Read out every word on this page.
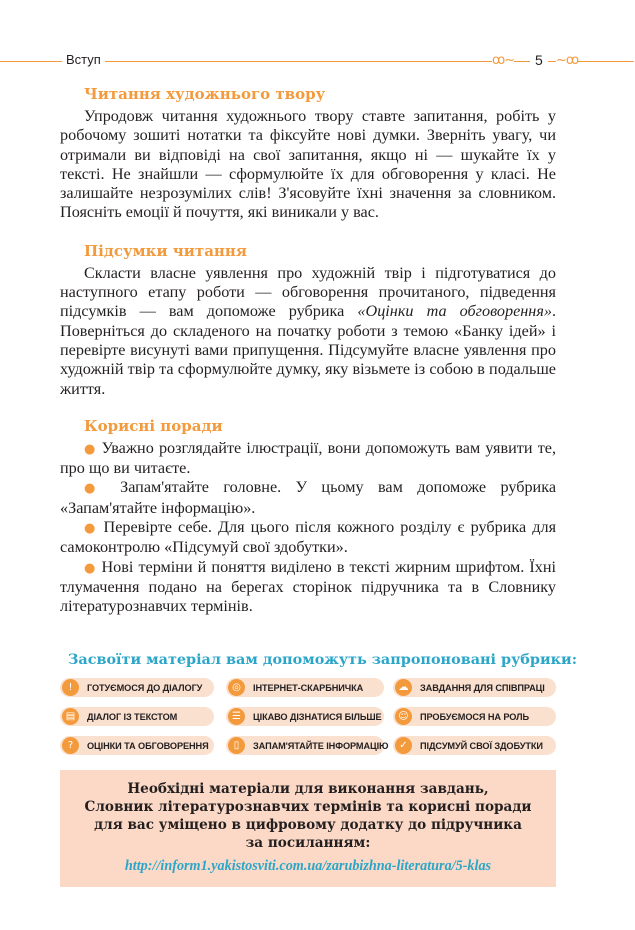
Вступ	ꝏ~	5	~ꝏ
Читання художнього твору

Упродовж читання художнього твору ставте запитання, робіть у робочому зошиті нотатки та фіксуйте нові думки. Зверніть увагу, чи отримали ви відповіді на свої запитання, якщо ні — шукайте їх у тексті. Не знайшли — сформулюйте їх для обговорення у класі. Не залишайте незрозумілих слів! З'ясовуйте їхні значення за словником. Поясніть емоції й почуття, які виникали у вас.

Підсумки читання

Скласти власне уявлення про художній твір і підготуватися до наступного етапу роботи — обговорення прочитаного, підведення підсумків — вам допоможе рубрика «Оцінки та обговорення». Поверніться до складеного на початку роботи з темою «Банку ідей» і перевірте висунуті вами припущення. Підсумуйте власне уявлення про художній твір та сформулюйте думку, яку візьмете із собою в подальше життя.

Корисні поради

● Уважно розглядайте ілюстрації, вони допоможуть вам уявити те, про що ви читаєте.

● Запам'ятайте головне. У цьому вам допоможе рубрика «Запам'ятайте інформацію».

● Перевірте себе. Для цього після кожного розділу є рубрика для самоконтролю «Підсумуй свої здобутки».

● Нові терміни й поняття виділено в тексті жирним шрифтом. Їхні тлумачення подано на берегах сторінок підручника та в Словнику літературознавчих термінів.

Засвоїти матеріал вам допоможуть запропоновані рубрики:
!	ГОТУЄМОСЯ ДО ДІАЛОГУ	◎	ІНТЕРНЕТ-СКАРБНИЧКА	☁	ЗАВДАННЯ ДЛЯ СПІВПРАЦІ
▤	ДІАЛОГ ІЗ ТЕКСТОМ	☰	ЦІКАВО ДІЗНАТИСЯ БІЛЬШЕ	☺	ПРОБУЄМОСЯ НА РОЛЬ
?	ОЦІНКИ ТА ОБГОВОРЕННЯ	▯	ЗАПАМ'ЯТАЙТЕ ІНФОРМАЦІЮ	✓	ПІДСУМУЙ СВОЇ ЗДОБУТКИ
Необхідні матеріали для виконання завдань,
Словник літературознавчих термінів та корисні поради
для вас уміщено в цифровому додатку до підручника
за посиланням:
http://inform1.yakistosviti.com.ua/zarubizhna-literatura/5-klas
